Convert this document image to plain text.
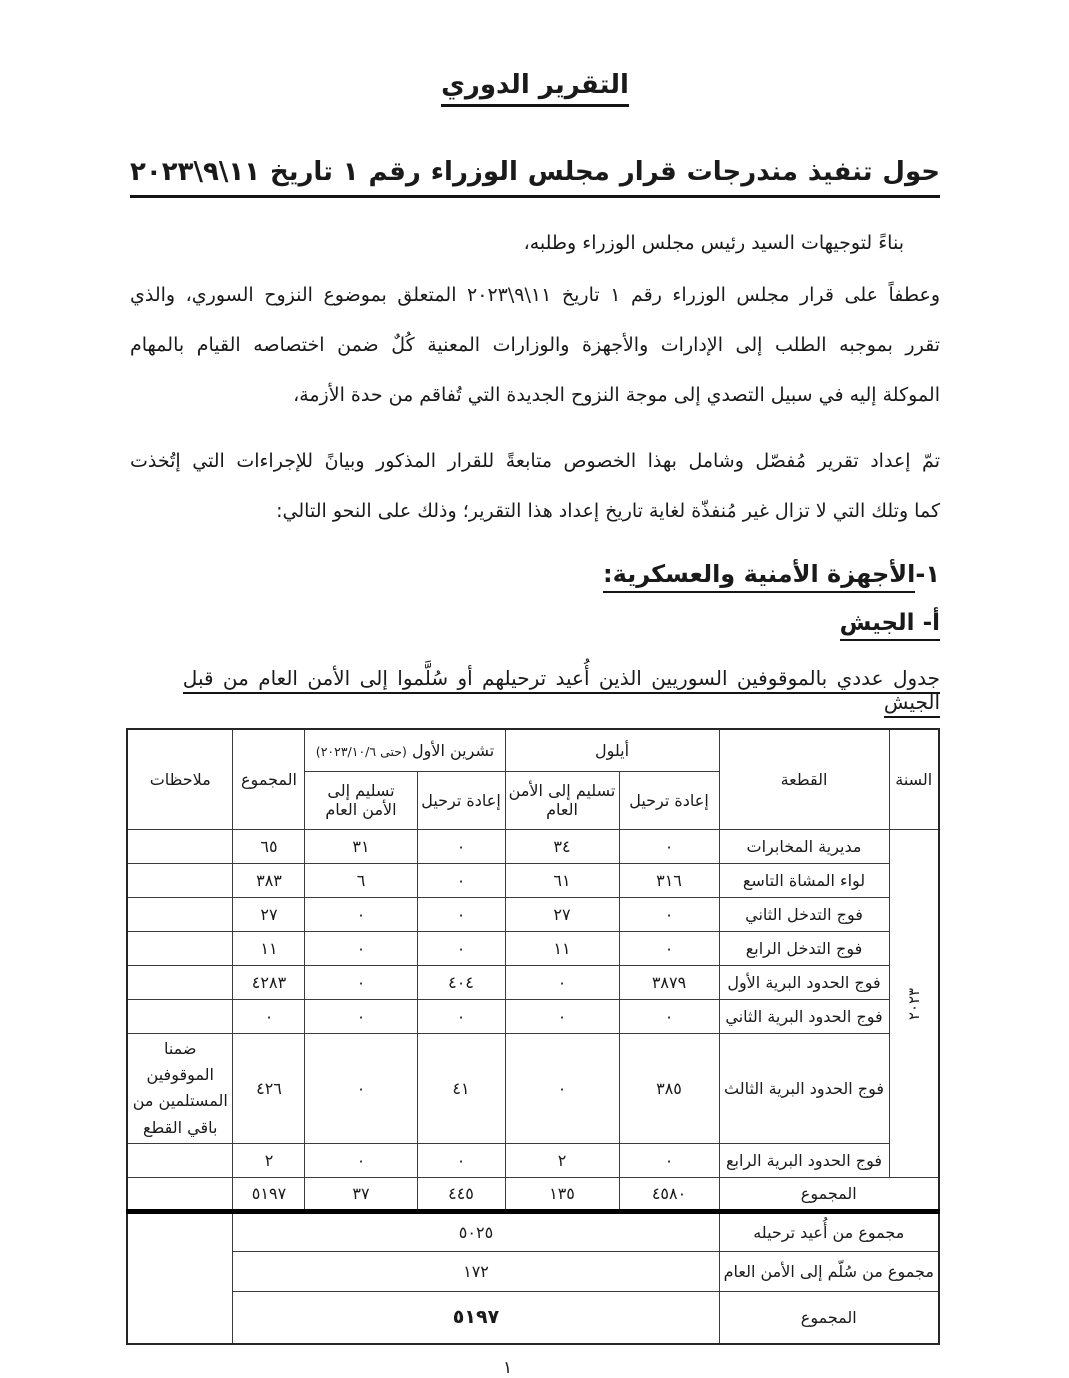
التقرير الدوري
حول تنفيذ مندرجات قرار مجلس الوزراء رقم ١ تاريخ ١١\٩\٢٠٢٣
بناءً لتوجيهات السيد رئيس مجلس الوزراء وطلبه،
وعطفاً على قرار مجلس الوزراء رقم ١ تاريخ ١١\٩\٢٠٢٣ المتعلق بموضوع النزوح السوري، والذي
تقرر بموجبه الطلب إلى الإدارات والأجهزة والوزارات المعنية كُلٌ ضمن اختصاصه القيام بالمهام
الموكلة إليه في سبيل التصدي إلى موجة النزوح الجديدة التي تُفاقم من حدة الأزمة،
تمّ إعداد تقرير مُفصّل وشامل بهذا الخصوص متابعةً للقرار المذكور وبيانً للإجراءات التي إتُخذت
كما وتلك التي لا تزال غير مُنفذّة لغاية تاريخ إعداد هذا التقرير؛ وذلك على النحو التالي:
١-الأجهزة الأمنية والعسكرية:
أ- الجيش
جدول عددي بالموقوفين السوريين الذين أُعيد ترحيلهم أو سُلَّموا إلى الأمن العام من قبل الجيش
السنة	القطعة	أيلول		تشرين الأول (حتى ٢٠٢٣/١٠/٦)		المجموع	ملاحظات
		إعادة ترحيل	تسليم إلى الأمن العام	إعادة ترحيل	تسليم إلى الأمن العام		
٢٠٢٣	مديرية المخابرات	٠	٣٤	٠	٣١	٦٥	
	لواء المشاة التاسع	٣١٦	٦١	٠	٦	٣٨٣	
	فوج التدخل الثاني	٠	٢٧	٠	٠	٢٧	
	فوج التدخل الرابع	٠	١١	٠	٠	١١	
	فوج الحدود البرية الأول	٣٨٧٩	٠	٤٠٤	٠	٤٢٨٣	
	فوج الحدود البرية الثاني	٠	٠	٠	٠	٠	
	فوج الحدود البرية الثالث	٣٨٥	٠	٤١	٠	٤٢٦	ضمنا الموقوفين المستلمين من باقي القطع
	فوج الحدود البرية الرابع	٠	٢	٠	٠	٢	
المجموع		٤٥٨٠	١٣٥	٤٤٥	٣٧	٥١٩٧	
مجموع من أُعيد ترحيله		٥٠٢٥					
مجموع من سُلّم إلى الأمن العام		١٧٢					
المجموع		٥١٩٧					
١
